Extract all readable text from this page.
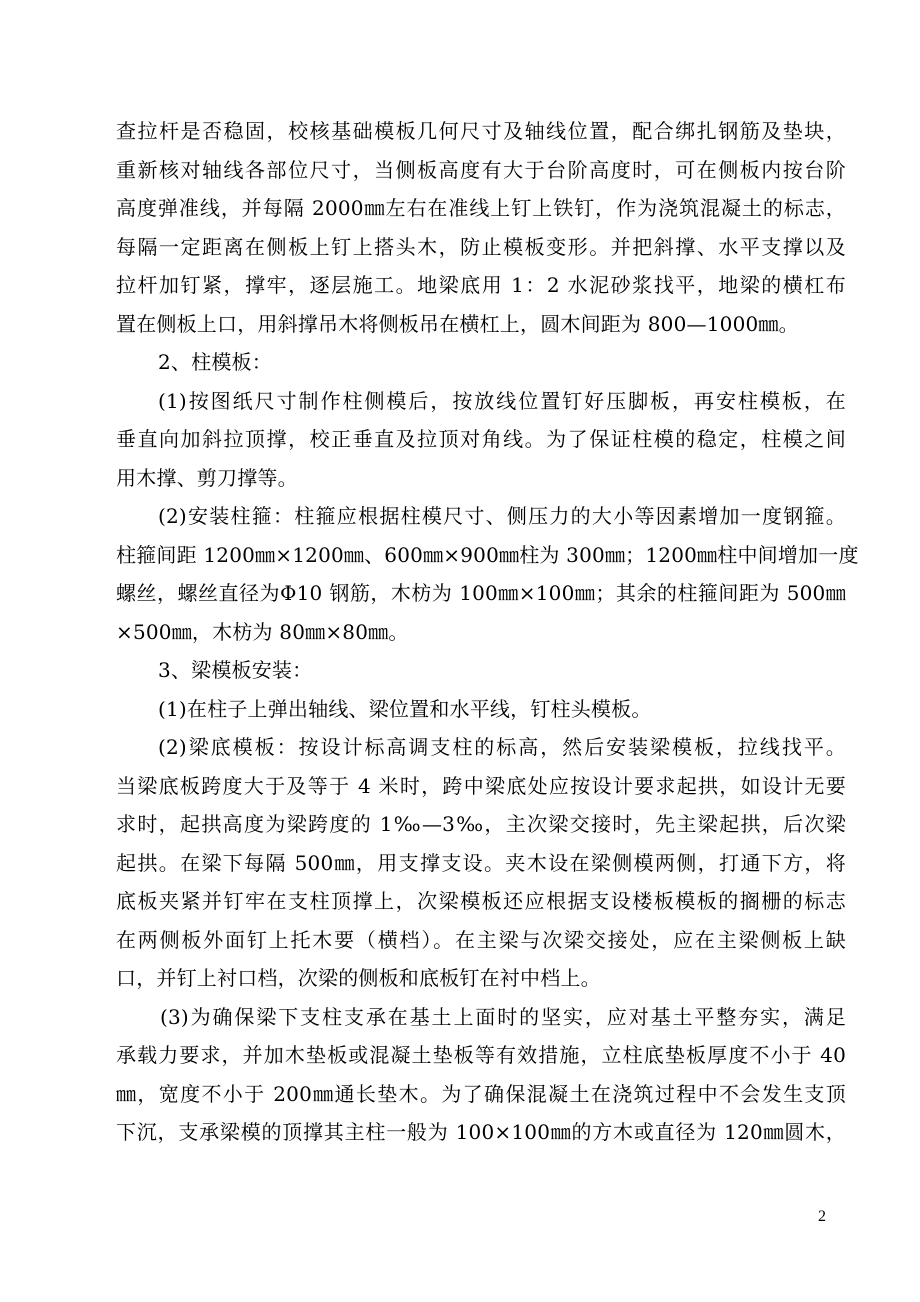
查拉杆是否稳固，校核基础模板几何尺寸及轴线位置，配合绑扎钢筋及垫块，
重新核对轴线各部位尺寸，当侧板高度有大于台阶高度时，可在侧板内按台阶
高度弹准线，并每隔 2000㎜左右在准线上钉上铁钉，作为浇筑混凝土的标志，
每隔一定距离在侧板上钉上搭头木，防止模板变形。并把斜撑、水平支撑以及
拉杆加钉紧，撑牢，逐层施工。地梁底用 1：2 水泥砂浆找平，地梁的横杠布
置在侧板上口，用斜撑吊木将侧板吊在横杠上，圆木间距为 800—1000㎜。
2、柱模板：
(1)按图纸尺寸制作柱侧模后，按放线位置钉好压脚板，再安柱模板，在
垂直向加斜拉顶撑，校正垂直及拉顶对角线。为了保证柱模的稳定，柱模之间
用木撑、剪刀撑等。
(2)安装柱箍：柱箍应根据柱模尺寸、侧压力的大小等因素增加一度钢箍。
柱箍间距 1200㎜×1200㎜、600㎜×900㎜柱为 300㎜；1200㎜柱中间增加一度
螺丝，螺丝直径为Φ10 钢筋，木枋为 100㎜×100㎜；其余的柱箍间距为 500㎜
×500㎜，木枋为 80㎜×80㎜。
3、梁模板安装：
(1)在柱子上弹出轴线、梁位置和水平线，钉柱头模板。
(2)梁底模板：按设计标高调支柱的标高，然后安装梁模板，拉线找平。
当梁底板跨度大于及等于 4 米时，跨中梁底处应按设计要求起拱，如设计无要
求时，起拱高度为梁跨度的 1‰—3‰，主次梁交接时，先主梁起拱，后次梁
起拱。在梁下每隔 500㎜，用支撑支设。夹木设在梁侧模两侧，打通下方，将
底板夹紧并钉牢在支柱顶撑上，次梁模板还应根据支设楼板模板的搁栅的标志
在两侧板外面钉上托木要（横档）。在主梁与次梁交接处，应在主梁侧板上缺
口，并钉上衬口档，次梁的侧板和底板钉在衬中档上。
(3)为确保梁下支柱支承在基土上面时的坚实，应对基土平整夯实，满足
承载力要求，并加木垫板或混凝土垫板等有效措施，立柱底垫板厚度不小于 40
㎜，宽度不小于 200㎜通长垫木。为了确保混凝土在浇筑过程中不会发生支顶
下沉，支承梁模的顶撑其主柱一般为 100×100㎜的方木或直径为 120㎜圆木，
2
